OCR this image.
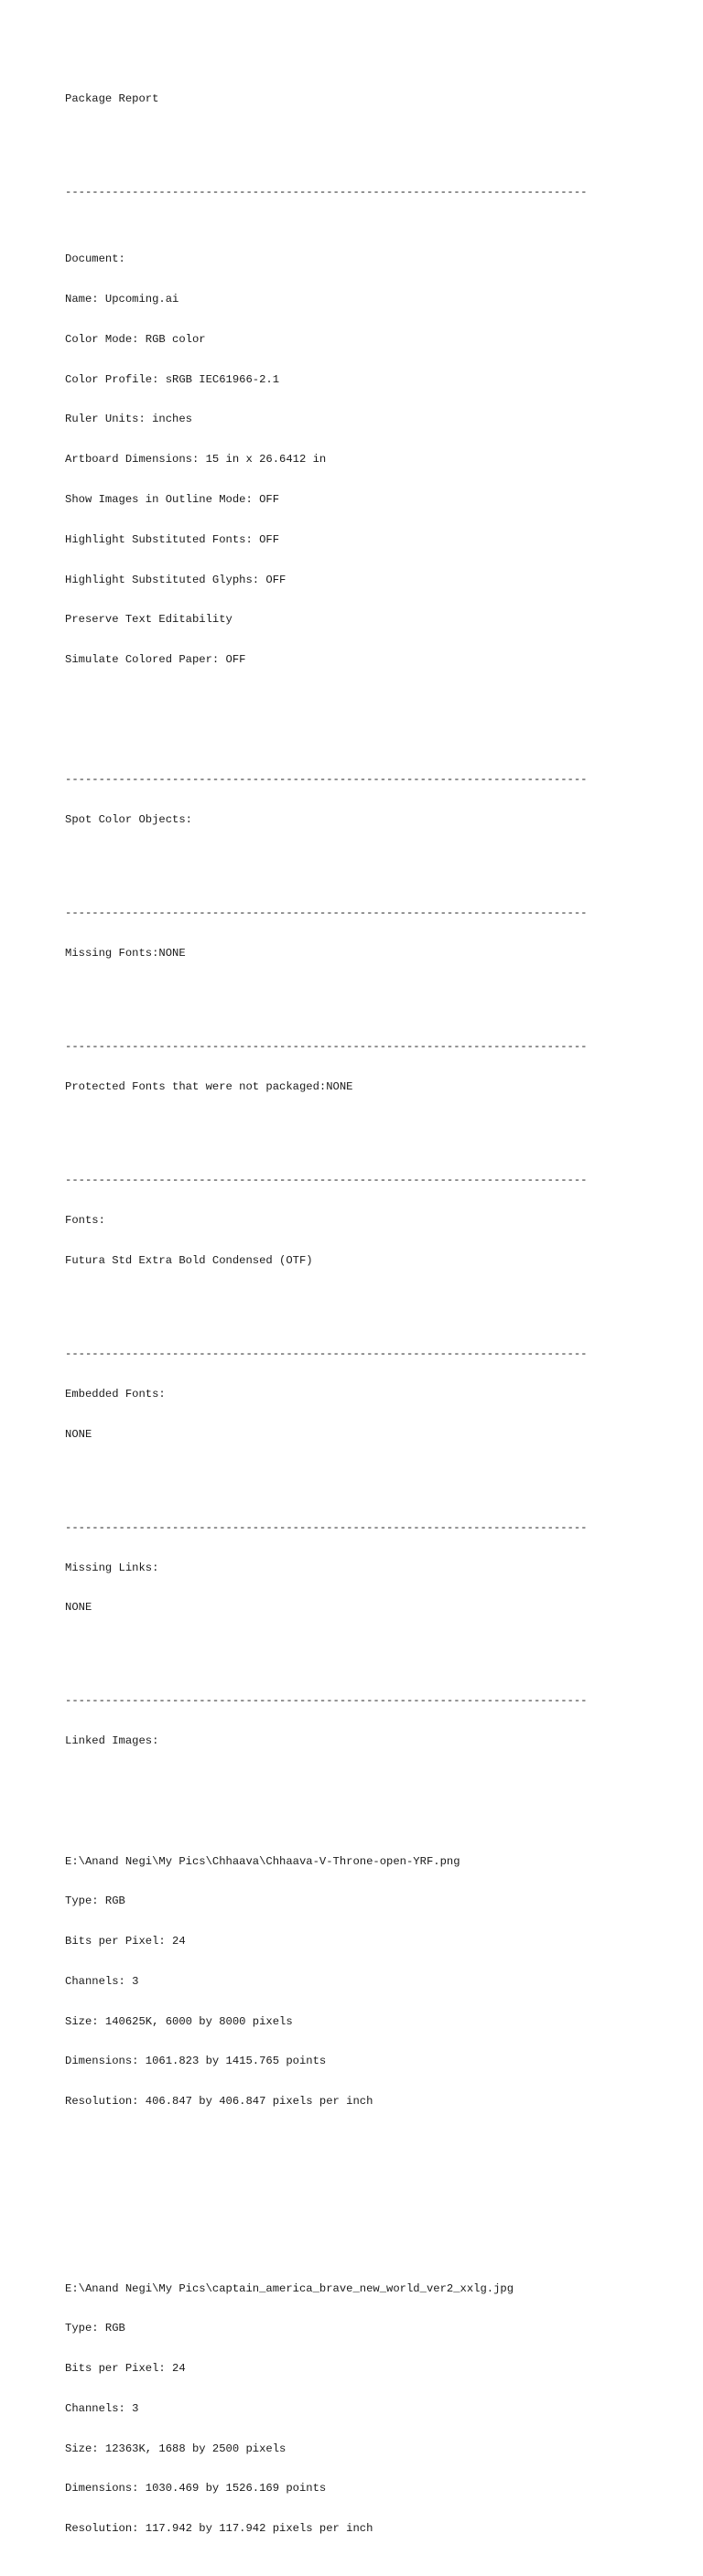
Package Report

------------------------------------------------------------------------------

Document:

Name: Upcoming.ai

Color Mode: RGB color

Color Profile: sRGB IEC61966-2.1

Ruler Units: inches

Artboard Dimensions: 15 in x 26.6412 in

Show Images in Outline Mode: OFF

Highlight Substituted Fonts: OFF

Highlight Substituted Glyphs: OFF

Preserve Text Editability

Simulate Colored Paper: OFF

------------------------------------------------------------------------------

Spot Color Objects:

------------------------------------------------------------------------------

Missing Fonts:NONE

------------------------------------------------------------------------------

Protected Fonts that were not packaged:NONE

------------------------------------------------------------------------------

Fonts:

Futura Std Extra Bold Condensed (OTF)

------------------------------------------------------------------------------

Embedded Fonts:

NONE

------------------------------------------------------------------------------

Missing Links:

NONE

------------------------------------------------------------------------------

Linked Images:

E:\Anand Negi\My Pics\Chhaava\Chhaava-V-Throne-open-YRF.png

Type: RGB

Bits per Pixel: 24

Channels: 3

Size: 140625K, 6000 by 8000 pixels

Dimensions: 1061.823 by 1415.765 points

Resolution: 406.847 by 406.847 pixels per inch

E:\Anand Negi\My Pics\captain_america_brave_new_world_ver2_xxlg.jpg

Type: RGB

Bits per Pixel: 24

Channels: 3

Size: 12363K, 1688 by 2500 pixels

Dimensions: 1030.469 by 1526.169 points

Resolution: 117.942 by 117.942 pixels per inch
